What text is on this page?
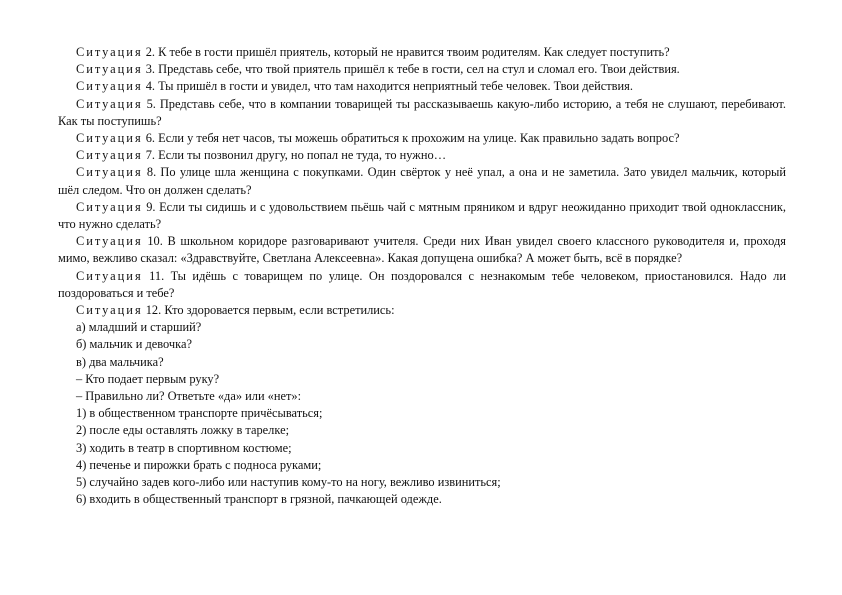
Ситуация 2. К тебе в гости пришёл приятель, который не нравится твоим родителям. Как следует поступить?

Ситуация 3. Представь себе, что твой приятель пришёл к тебе в гости, сел на стул и сломал его. Твои действия.

Ситуация 4. Ты пришёл в гости и увидел, что там находится неприятный тебе человек. Твои действия.

Ситуация 5. Представь себе, что в компании товарищей ты рассказываешь какую-либо историю, а тебя не слушают, перебивают. Как ты поступишь?

Ситуация 6. Если у тебя нет часов, ты можешь обратиться к прохожим на улице. Как правильно задать вопрос?

Ситуация 7. Если ты позвонил другу, но попал не туда, то нужно…

Ситуация 8. По улице шла женщина с покупками. Один свёрток у неё упал, а она и не заметила. Зато увидел мальчик, который шёл следом. Что он должен сделать?

Ситуация 9. Если ты сидишь и с удовольствием пьёшь чай с мятным пряником и вдруг неожиданно приходит твой одноклассник, что нужно сделать?

Ситуация 10. В школьном коридоре разговаривают учителя. Среди них Иван увидел своего классного руководителя и, проходя мимо, вежливо сказал: «Здравствуйте, Светлана Алексеевна». Какая допущена ошибка? А может быть, всё в порядке?

Ситуация 11. Ты идёшь с товарищем по улице. Он поздоровался с незнакомым тебе человеком, приостановился. Надо ли поздороваться и тебе?

Ситуация 12. Кто здоровается первым, если встретились:

а) младший и старший?

б) мальчик и девочка?

в) два мальчика?

– Кто подает первым руку?

– Правильно ли? Ответьте «да» или «нет»:

1) в общественном транспорте причёсываться;

2) после еды оставлять ложку в тарелке;

3) ходить в театр в спортивном костюме;

4) печенье и пирожки брать с подноса руками;

5) случайно задев кого-либо или наступив кому-то на ногу, вежливо извиниться;

6) входить в общественный транспорт в грязной, пачкающей одежде.
